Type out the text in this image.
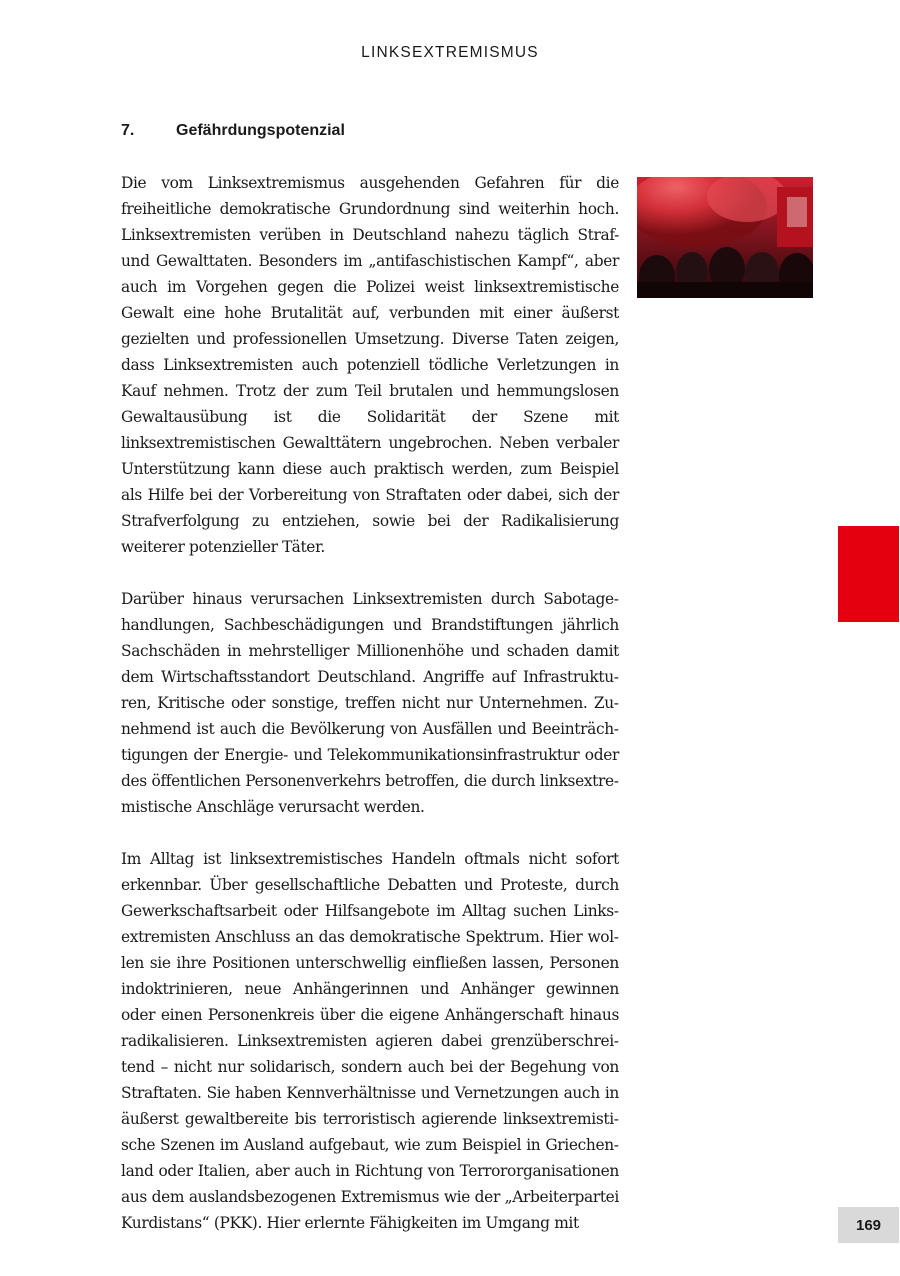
LINKSEXTREMISMUS
7.	Gefährdungspotenzial

Die vom Linksextremismus ausgehenden Gefahren für die freiheitliche demokratische Grundordnung sind weiterhin hoch. Linksextremisten verüben in Deutschland nahezu täglich Straf- und Gewalttaten. Besonders im „antifaschistischen Kampf“, aber auch im Vorgehen gegen die Polizei weist linksextremistische Gewalt eine hohe Brutalität auf, verbunden mit einer äußerst gezielten und professionellen Umsetzung. Diverse Taten zeigen, dass Linksextremisten auch potenziell tödliche Verletzungen in Kauf nehmen. Trotz der zum Teil brutalen und hemmungslosen Gewaltausübung ist die Solidarität der Szene mit linksextremistischen Gewalttätern ungebrochen. Neben verbaler Unterstützung kann diese auch praktisch werden, zum Beispiel als Hilfe bei der Vorbereitung von Straftaten oder dabei, sich der Strafverfolgung zu entziehen, sowie bei der Radikalisierung weiterer potenzieller Täter.

Darüber hinaus verursachen Linksextremisten durch Sabotagehandlungen, Sachbeschädigungen und Brandstiftungen jährlich Sachschäden in mehrstelliger Millionenhöhe und schaden damit dem Wirtschaftsstandort Deutschland. Angriffe auf Infrastrukturen, Kritische oder sonstige, treffen nicht nur Unternehmen. Zunehmend ist auch die Bevölkerung von Ausfällen und Beeinträchtigungen der Energie- und Telekommunikationsinfrastruktur oder des öffentlichen Personenverkehrs betroffen, die durch linksextremistische Anschläge verursacht werden.

Im Alltag ist linksextremistisches Handeln oftmals nicht sofort erkennbar. Über gesellschaftliche Debatten und Proteste, durch Gewerkschaftsarbeit oder Hilfsangebote im Alltag suchen Linksextremisten Anschluss an das demokratische Spektrum. Hier wollen sie ihre Positionen unterschwellig einfließen lassen, Personen indoktrinieren, neue Anhängerinnen und Anhänger gewinnen oder einen Personenkreis über die eigene Anhängerschaft hinaus radikalisieren. Linksextremisten agieren dabei grenzüberschreitend – nicht nur solidarisch, sondern auch bei der Begehung von Straftaten. Sie haben Kennverhältnisse und Vernetzungen auch in äußerst gewaltbereite bis terroristisch agierende linksextremistische Szenen im Ausland aufgebaut, wie zum Beispiel in Griechenland oder Italien, aber auch in Richtung von Terrororganisationen aus dem auslandsbezogenen Extremismus wie der „Arbeiterpartei Kurdistans“ (PKK). Hier erlernte Fähigkeiten im Umgang mit	169
